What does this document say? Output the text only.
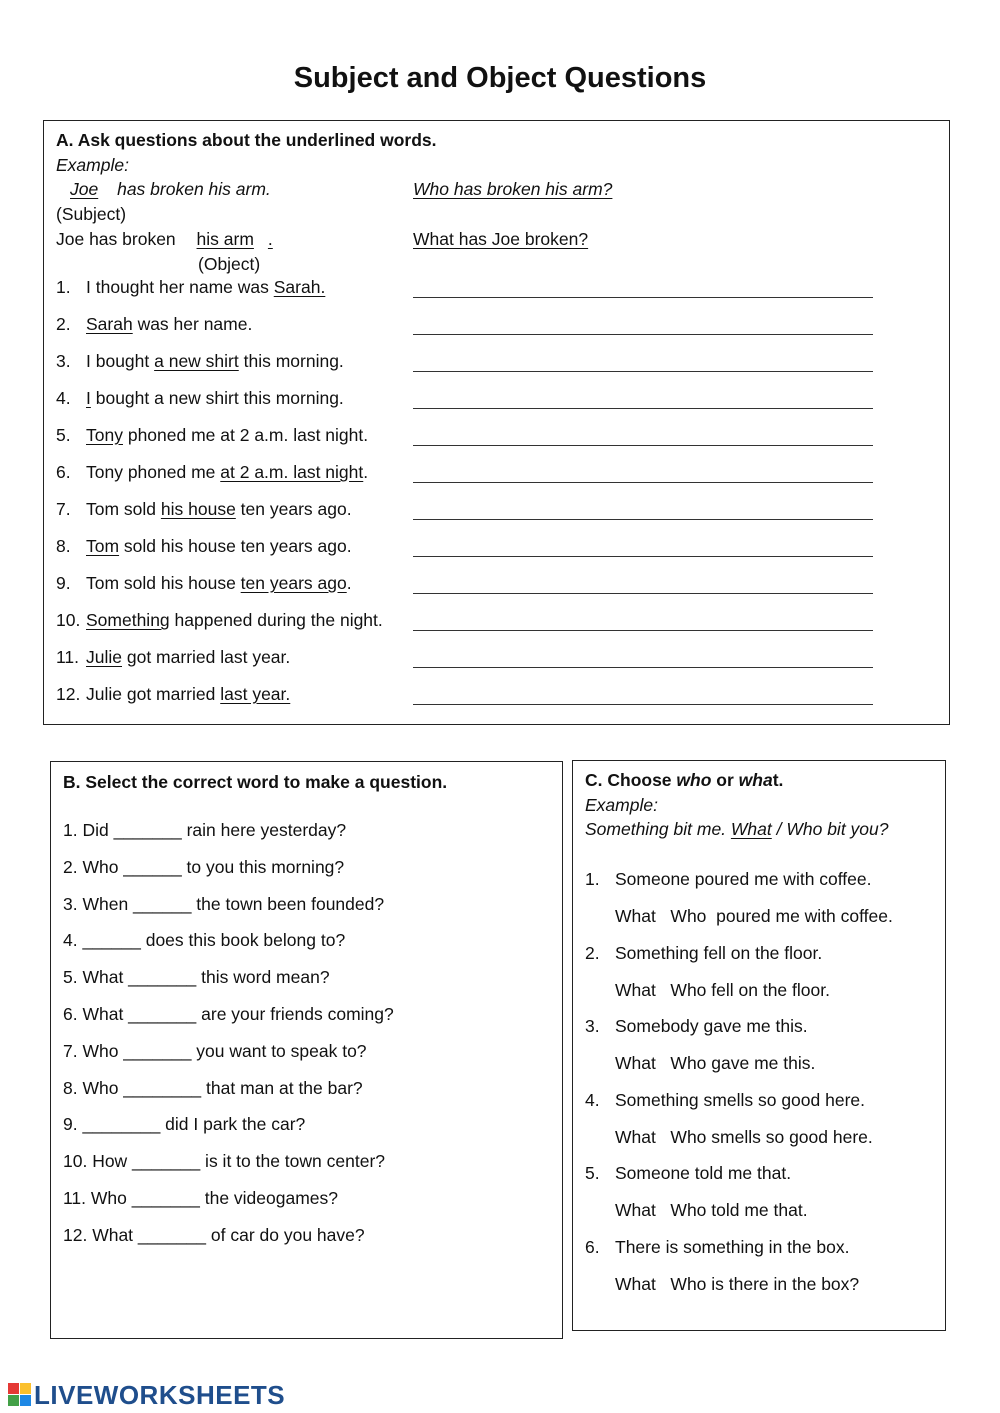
Subject and Object Questions
A. Ask questions about the underlined words.
Example:
Joe has broken his arm.	Who has broken his arm?
(Subject)
Joe has broken his arm .	What has Joe broken?
(Object)
1. I thought her name was Sarah.
2. Sarah was her name.
3. I bought a new shirt this morning.
4. I bought a new shirt this morning.
5. Tony phoned me at 2 a.m. last night.
6. Tony phoned me at 2 a.m. last night.
7. Tom sold his house ten years ago.
8. Tom sold his house ten years ago.
9. Tom sold his house ten years ago.
10. Something happened during the night.
11. Julie got married last year.
12. Julie got married last year.
B. Select the correct word to make a question.
1. Did _______ rain here yesterday?
2. Who ______ to you this morning?
3. When ______ the town been founded?
4. ______ does this book belong to?
5. What _______ this word mean?
6. What _______ are your friends coming?
7. Who _______ you want to speak to?
8. Who ________ that man at the bar?
9. ________ did I park the car?
10. How _______ is it to the town center?
11. Who _______ the videogames?
12. What _______ of car do you have?
C. Choose who or what.
Example:
Something bit me. What / Who bit you?
1. Someone poured me with coffee.
What   Who  poured me with coffee.
2. Something fell on the floor.
What   Who fell on the floor.
3. Somebody gave me this.
What   Who gave me this.
4. Something smells so good here.
What   Who smells so good here.
5. Someone told me that.
What   Who told me that.
6. There is something in the box.
What   Who is there in the box?
LIVEWORKSHEETS
